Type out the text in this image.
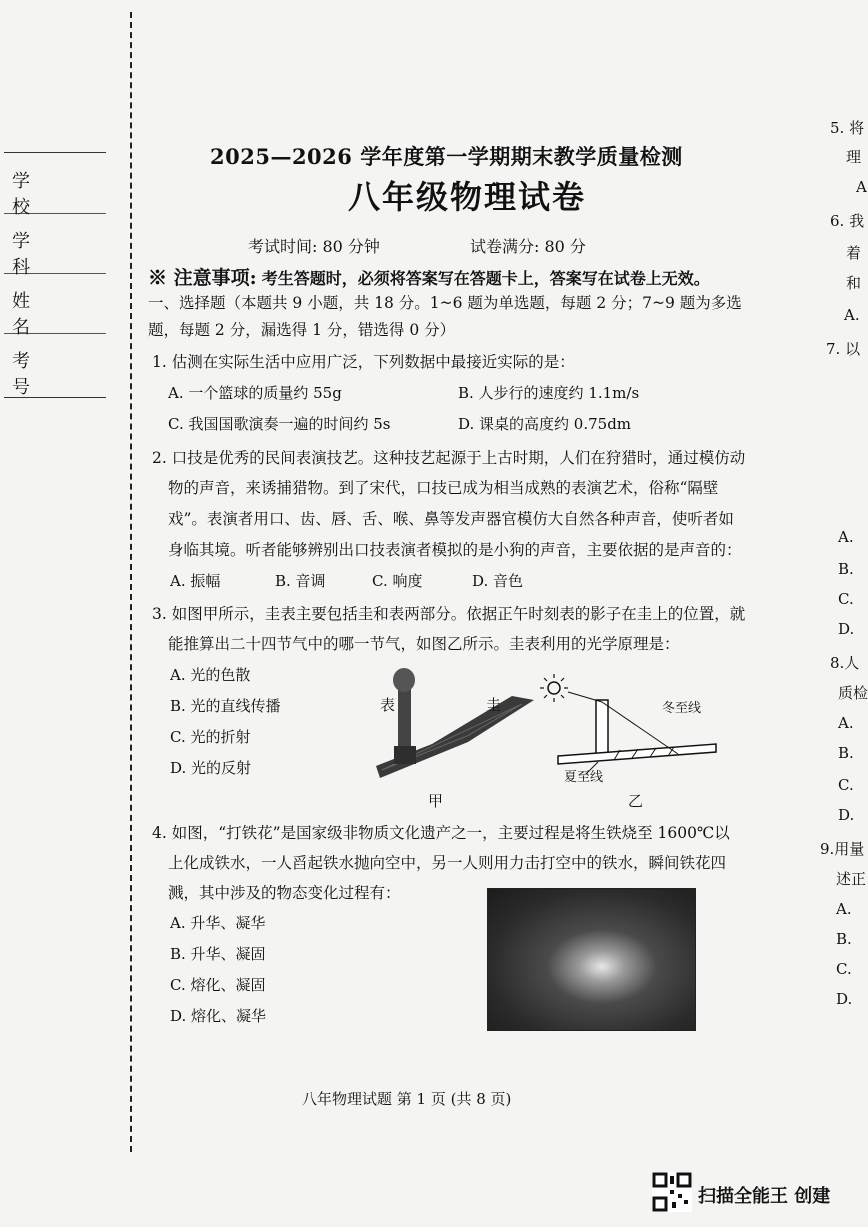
学 校
学 科
姓 名
考 号
2025—2026 学年度第一学期期末教学质量检测
八年级物理试卷
考试时间: 80 分钟	试卷满分: 80 分
※ 注意事项: 考生答题时，必须将答案写在答题卡上，答案写在试卷上无效。
一、选择题（本题共 9 小题，共 18 分。1~6 题为单选题，每题 2 分；7~9 题为多选
题，每题 2 分，漏选得 1 分，错选得 0 分）
1. 估测在实际生活中应用广泛，下列数据中最接近实际的是：
A. 一个篮球的质量约 55g	B. 人步行的速度约 1.1m/s
C. 我国国歌演奏一遍的时间约 5s	D. 课桌的高度约 0.75dm
2. 口技是优秀的民间表演技艺。这种技艺起源于上古时期，人们在狩猎时，通过模仿动
物的声音，来诱捕猎物。到了宋代，口技已成为相当成熟的表演艺术，俗称“隔壁
戏”。表演者用口、齿、唇、舌、喉、鼻等发声器官模仿大自然各种声音，使听者如
身临其境。听者能够辨别出口技表演者模拟的是小狗的声音，主要依据的是声音的：
A. 振幅	B. 音调	C. 响度	D. 音色
3. 如图甲所示，圭表主要包括圭和表两部分。依据正午时刻表的影子在圭上的位置，就
能推算出二十四节气中的哪一节气，如图乙所示。圭表利用的光学原理是：
A. 光的色散
B. 光的直线传播
C. 光的折射
D. 光的反射
表	圭
甲
冬至线
夏至线
乙
4. 如图，“打铁花”是国家级非物质文化遗产之一，主要过程是将生铁烧至 1600℃以
上化成铁水，一人舀起铁水抛向空中，另一人则用力击打空中的铁水，瞬间铁花四
溅，其中涉及的物态变化过程有：
A. 升华、凝华
B. 升华、凝固
C. 熔化、凝固
D. 熔化、凝华
八年物理试题 第 1 页 (共 8 页)
5. 将
理
A
6. 我
着
和
A.
7. 以
A.
B.
C.
D.
8.人
质检
A.
B.
C.
D.
9.用量
述正
A.
B.
C.
D.
扫描全能王 创建
